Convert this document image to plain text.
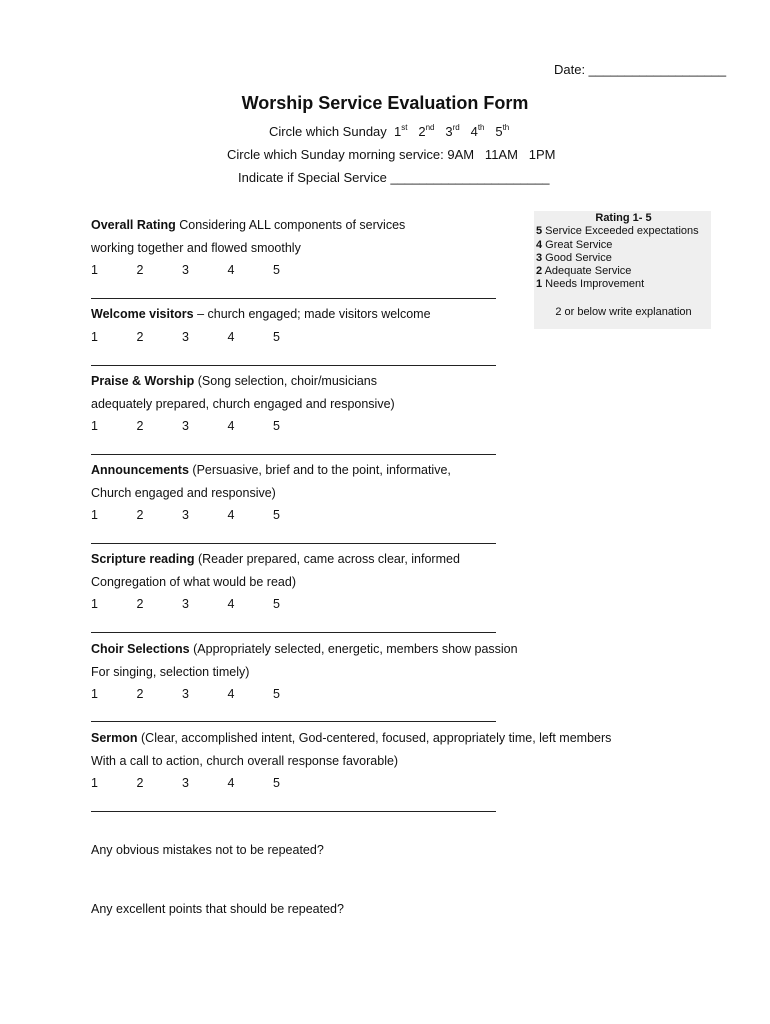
Date: ___________________
Worship Service Evaluation Form
Circle which Sunday 1st 2nd 3rd 4th 5th
Circle which Sunday morning service: 9AM   11AM   1PM
Indicate if Special Service ______________________
Rating 1- 5
5 Service Exceeded expectations
4 Great Service
3 Good Service
2 Adequate Service
1 Needs Improvement
2 or below write explanation
Overall Rating Considering ALL components of services
working together and flowed smoothly
1	2	3	4	5
Welcome visitors – church engaged; made visitors welcome
1	2	3	4	5
Praise & Worship (Song selection, choir/musicians
adequately prepared, church engaged and responsive)
1	2	3	4	5
Announcements (Persuasive, brief and to the point, informative,
Church engaged and responsive)
1	2	3	4	5
Scripture reading (Reader prepared, came across clear, informed
Congregation of what would be read)
1	2	3	4	5
Choir Selections (Appropriately selected, energetic, members show passion
For singing, selection timely)
1	2	3	4	5
Sermon (Clear, accomplished intent, God-centered, focused, appropriately time, left members
With a call to action, church overall response favorable)
1	2	3	4	5
Any obvious mistakes not to be repeated?
Any excellent points that should be repeated?
